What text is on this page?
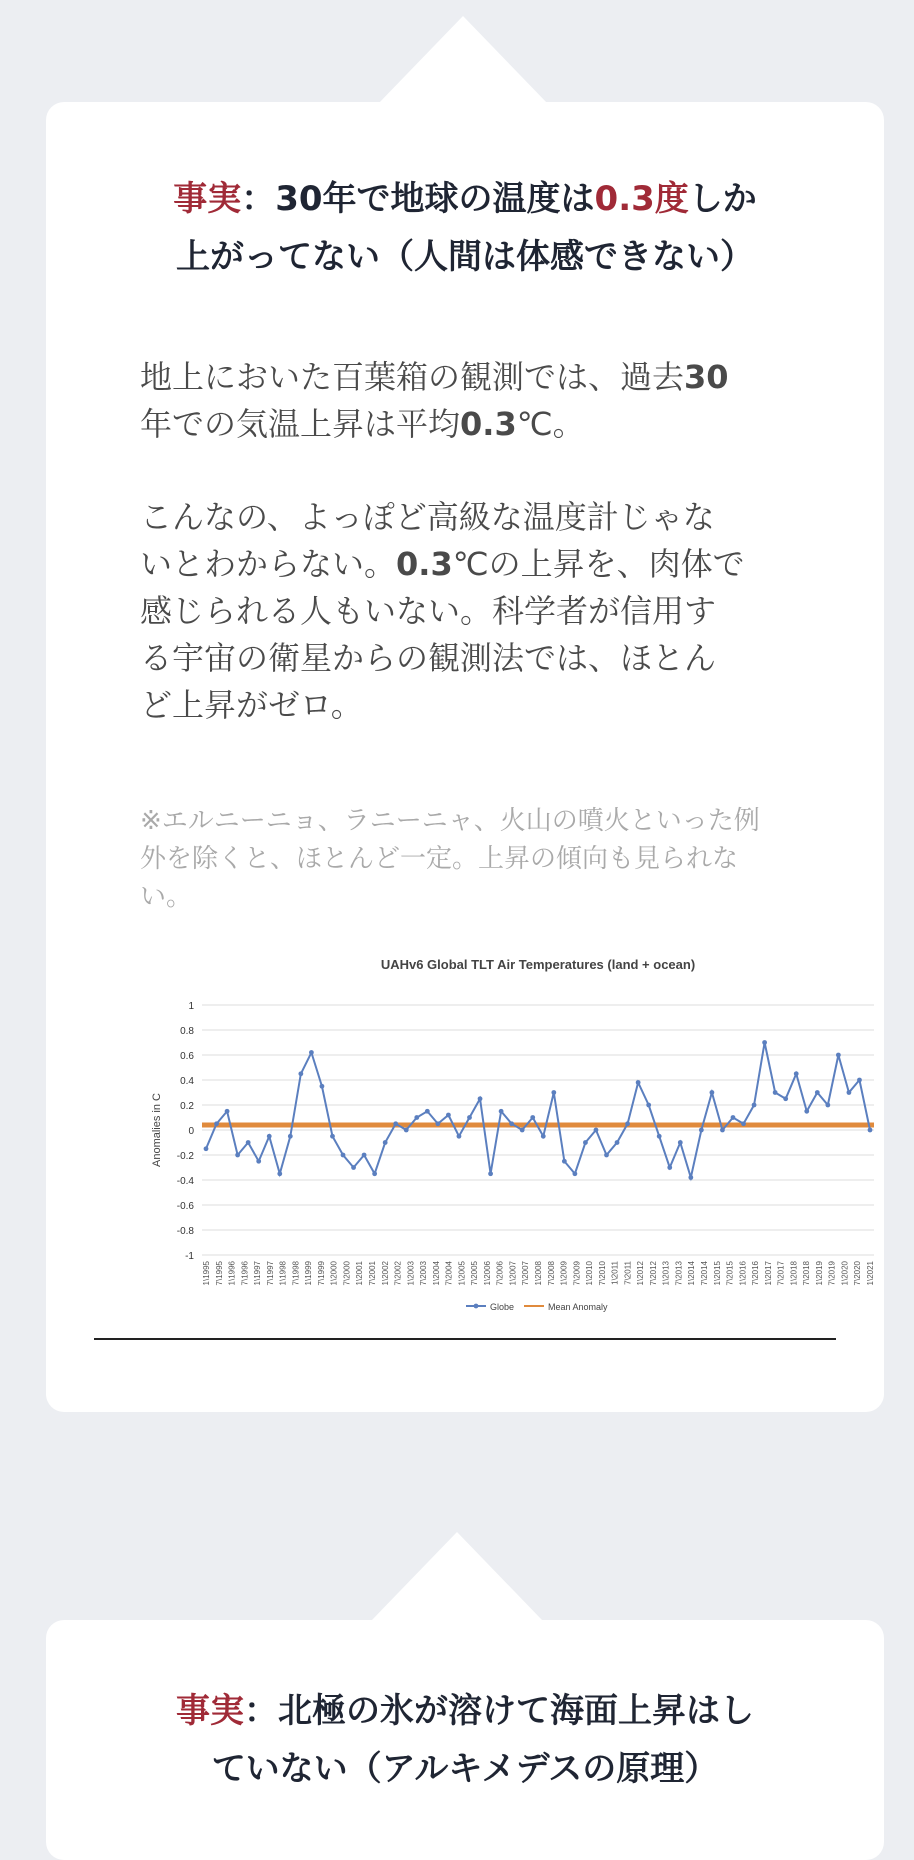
事実：30年で地球の温度は0.3度しか
上がってない（人間は体感できない）
地上においた百葉箱の観測では、過去30
年での気温上昇は平均0.3℃。
こんなの、よっぽど高級な温度計じゃな
いとわからない。0.3℃の上昇を、肉体で
感じられる人もいない。科学者が信用す
る宇宙の衛星からの観測法では、ほとん
ど上昇がゼロ。
※エルニーニョ、ラニーニャ、火山の噴火といった例
外を除くと、ほとんど一定。上昇の傾向も見られな
い。
UAHv6 Global TLT Air Temperatures (land + ocean)
Anomalies in C
1
0.8
0.6
0.4
0.2
0
-0.2
-0.4
-0.6
-0.8
-1
1\1995 7\1995 1\1996 7\1996 1\1997 7\1997 1\1998 7\1998 1\1999 7\1999 1\2000 7\2000 1\2001 7\2001 1\2002 7\2002 1\2003 7\2003 1\2004 7\2004 1\2005 7\2005 1\2006 7\2006 1\2007 7\2007 1\2008 7\2008 1\2009 7\2009 1\2010 7\2010 1\2011 7\2011 1\2012 7\2012 1\2013 7\2013 1\2014 7\2014 1\2015 7\2015 1\2016 7\2016 1\2017 7\2017 1\2018 7\2018 1\2019 7\2019 1\2020 7\2020 1\2021
Globe	Mean Anomaly
事実：北極の氷が溶けて海面上昇はし
ていない（アルキメデスの原理）
